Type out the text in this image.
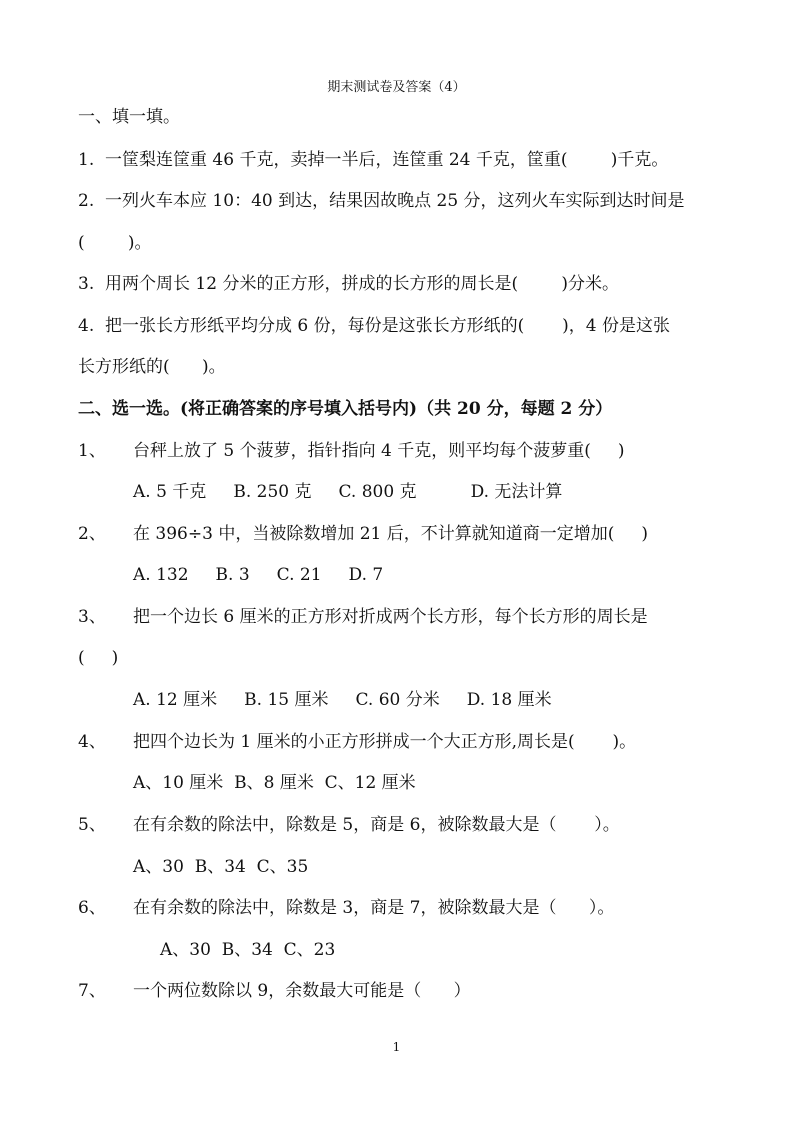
期末测试卷及答案（4）
一、填一填。
1.  一筐梨连筐重 46 千克，卖掉一半后，连筐重 24 千克，筐重(        )千克。
2.  一列火车本应 10：40 到达，结果因故晚点 25 分，这列火车实际到达时间是
(        )。
3.  用两个周长 12 分米的正方形，拼成的长方形的周长是(        )分米。
4.  把一张长方形纸平均分成 6 份，每份是这张长方形纸的(       )，4 份是这张
长方形纸的(      )。
二、选一选。(将正确答案的序号填入括号内)（共 20 分，每题 2 分）
1、 台秤上放了 5 个菠萝，指针指向 4 千克，则平均每个菠萝重(     )
A. 5 千克     B. 250 克     C. 800 克          D. 无法计算
2、 在 396÷3 中，当被除数增加 21 后，不计算就知道商一定增加(     )
A. 132     B. 3     C. 21     D. 7
3、 把一个边长 6 厘米的正方形对折成两个长方形，每个长方形的周长是
(     )
A. 12 厘米     B. 15 厘米     C. 60 分米     D. 18 厘米
4、 把四个边长为 1 厘米的小正方形拼成一个大正方形,周长是(       )。
A、10 厘米  B、8 厘米  C、12 厘米
5、 在有余数的除法中，除数是 5，商是 6，被除数最大是（       ）。
A、30  B、34  C、35
6、 在有余数的除法中，除数是 3，商是 7，被除数最大是（      ）。
A、30  B、34  C、23
7、 一个两位数除以 9，余数最大可能是（      ）
1
